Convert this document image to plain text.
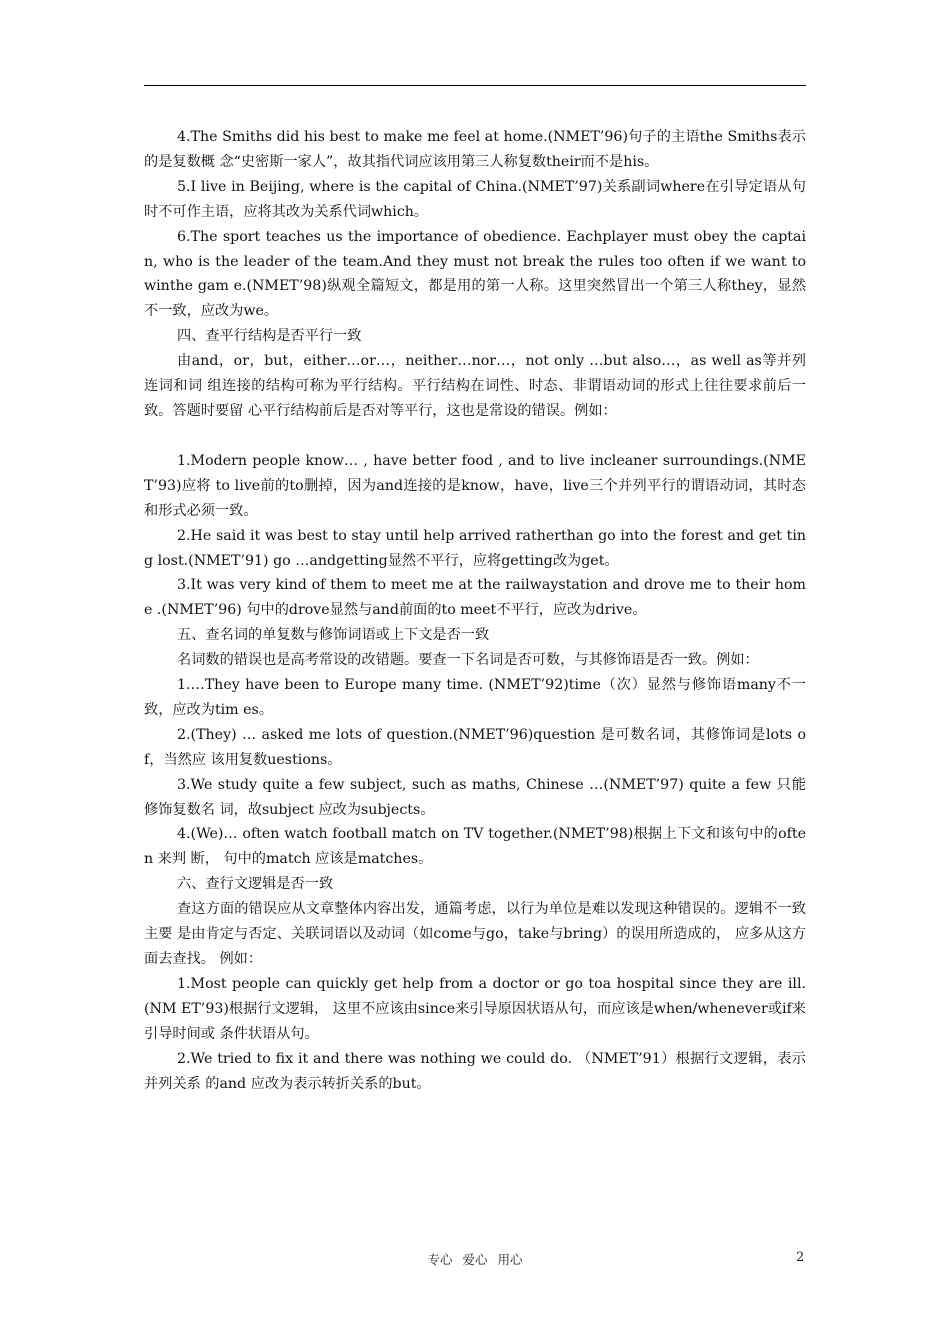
4.The Smiths did his best to make me feel at home.(NMET’96)句子的主语the Smiths表示的是复数概 念“史密斯一家人”，故其指代词应该用第三人称复数their而不是his。

5.I live in Beijing, where is the capital of China.(NMET’97)关系副词where在引导定语从句 时不可作主语，应将其改为关系代词which。

6.The sport teaches us the importance of obedience. Eachplayer must obey the captain, who is the leader of the team.And they must not break the rules too often if we want to winthe gam e.(NMET’98)纵观全篇短文，都是用的第一人称。这里突然冒出一个第三人称they，显然不一致，应改为we。

四、查平行结构是否平行一致

由and，or，but，either…or…，neither…nor…，not only …but also…，as well as等并列连词和词 组连接的结构可称为平行结构。平行结构在词性、时态、非谓语动词的形式上往往要求前后一致。答题时要留 心平行结构前后是否对等平行，这也是常设的错误。例如：

1.Modern people know… , have better food , and to live incleaner surroundings.(NMET’93)应将 to live前的to删掉，因为and连接的是know，have，live三个并列平行的谓语动词，其时态和形式必须一致。

2.He said it was best to stay until help arrived ratherthan go into the forest and get ting lost.(NMET’91) go …andgetting显然不平行，应将getting改为get。

3.It was very kind of them to meet me at the railwaystation and drove me to their home .(NMET’96) 句中的drove显然与and前面的to meet不平行，应改为drive。

五、查名词的单复数与修饰词语或上下文是否一致

名词数的错误也是高考常设的改错题。要查一下名词是否可数，与其修饰语是否一致。例如：

1.…They have been to Europe many time. (NMET’92)time（次）显然与修饰语many不一致，应改为tim es。

2.(They) … asked me lots of question.(NMET’96)question 是可数名词，其修饰词是lots of，当然应 该用复数uestions。

3.We study quite a few subject, such as maths, Chinese …(NMET’97) quite a few 只能修饰复数名 词，故subject 应改为subjects。

4.(We)… often watch football match on TV together.(NMET’98)根据上下文和该句中的often 来判 断， 句中的match 应该是matches。

六、查行文逻辑是否一致

查这方面的错误应从文章整体内容出发，通篇考虑，以行为单位是难以发现这种错误的。逻辑不一致主要 是由肯定与否定、关联词语以及动词（如come与go，take与bring）的误用所造成的， 应多从这方面去查找。 例如：

1.Most people can quickly get help from a doctor or go toa hospital since they are ill.(NM ET’93)根据行文逻辑， 这里不应该由since来引导原因状语从句，而应该是when/whenever或if来引导时间或 条件状语从句。

2.We tried to fix it and there was nothing we could do. （NMET’91）根据行文逻辑，表示并列关系 的and 应改为表示转折关系的but。

专心 爱心 用心	2
